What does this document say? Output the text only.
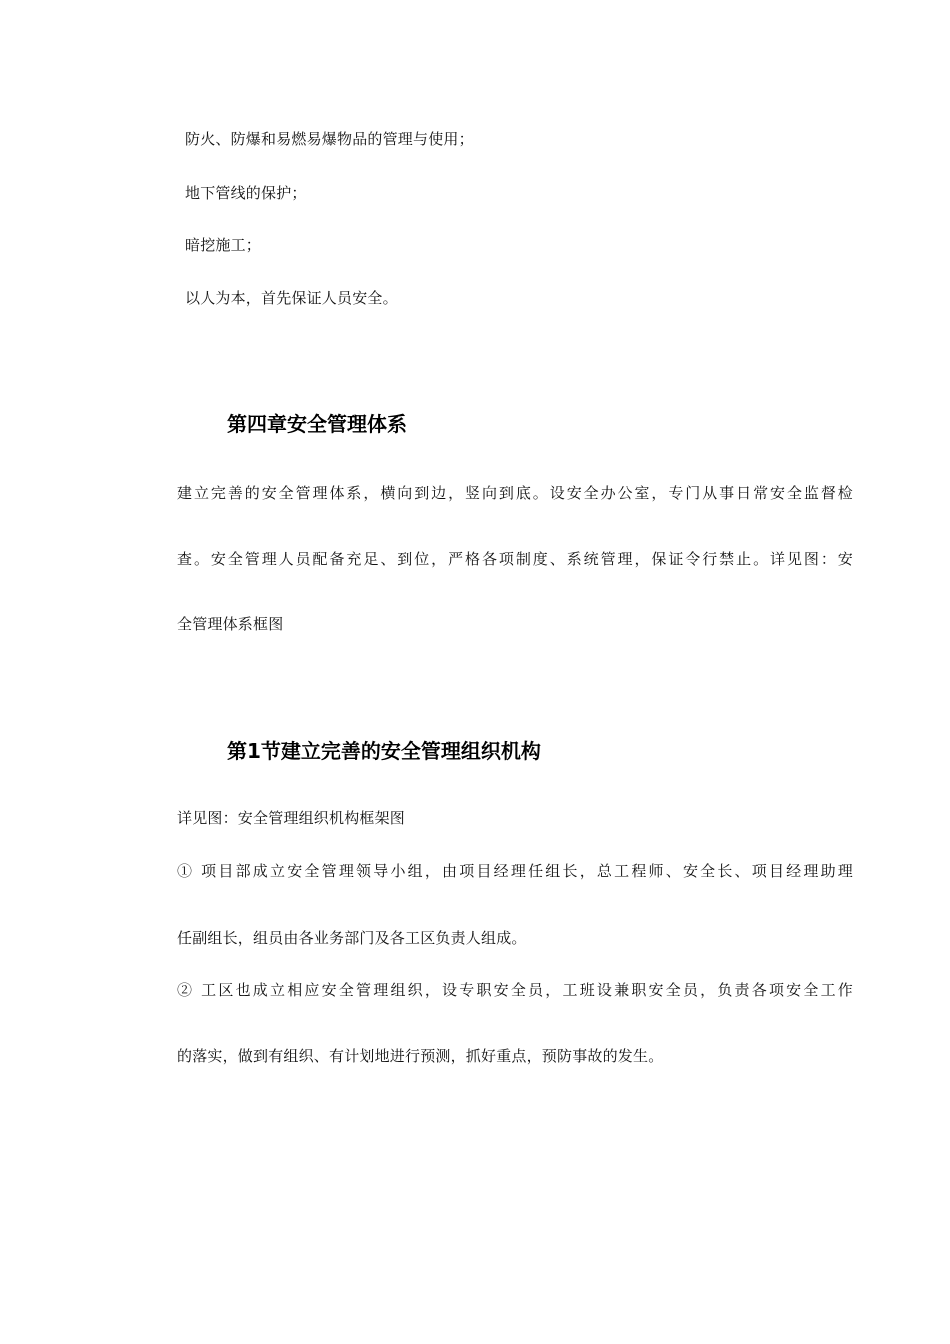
防火、防爆和易燃易爆物品的管理与使用；
地下管线的保护；
暗挖施工；
以人为本，首先保证人员安全。
第四章安全管理体系
建立完善的安全管理体系，横向到边，竖向到底。设安全办公室，专门从事日常安全监督检
查。安全管理人员配备充足、到位，严格各项制度、系统管理，保证令行禁止。详见图：安
全管理体系框图
第1节建立完善的安全管理组织机构
详见图：安全管理组织机构框架图
① 项目部成立安全管理领导小组，由项目经理任组长，总工程师、安全长、项目经理助理
任副组长，组员由各业务部门及各工区负责人组成。
② 工区也成立相应安全管理组织，设专职安全员，工班设兼职安全员，负责各项安全工作
的落实，做到有组织、有计划地进行预测，抓好重点，预防事故的发生。
